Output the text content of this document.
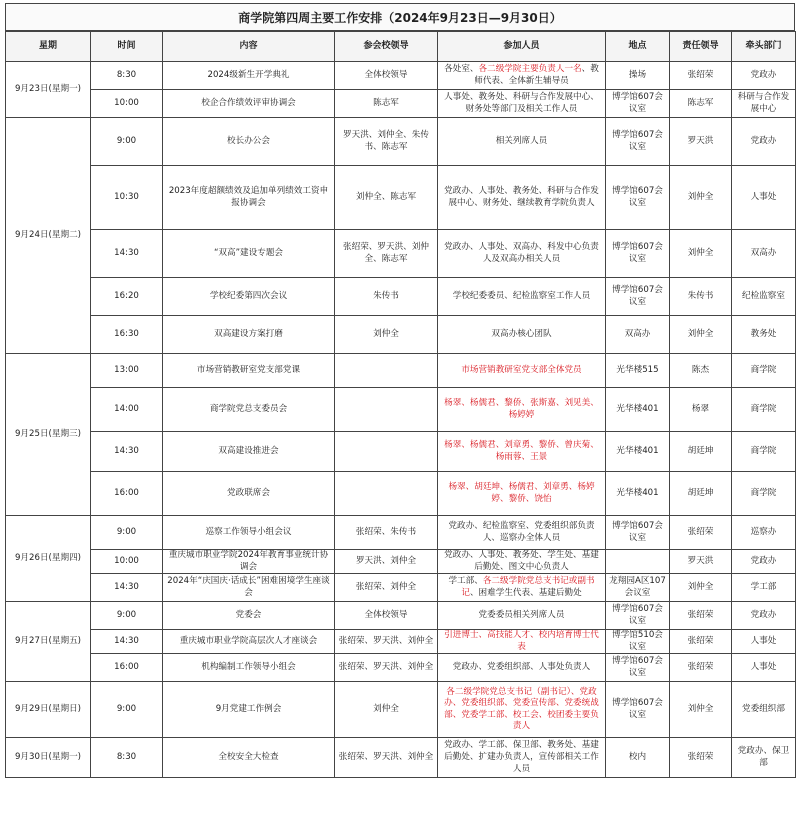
商学院第四周主要工作安排（2024年9月23日—9月30日）
星期	时间	内容	参会校领导	参加人员	地点	责任领导	牵头部门
9月23日(星期一)	8:30	2024级新生开学典礼	全体校领导	各处室、各二级学院主要负责人一名、教师代表、全体新生辅导员	操场	张绍荣	党政办
	10:00	校企合作绩效评审协调会	陈志军	人事处、教务处、科研与合作发展中心、财务处等部门及相关工作人员	博学馆607会议室	陈志军	科研与合作发展中心
9月24日(星期二)	9:00	校长办公会	罗天洪、刘仲全、朱传书、陈志军	相关列席人员	博学馆607会议室	罗天洪	党政办
	10:30	2023年度超额绩效及追加单列绩效工资申报协调会	刘仲全、陈志军	党政办、人事处、教务处、科研与合作发展中心、财务处、继续教育学院负责人	博学馆607会议室	刘仲全	人事处
	14:30	“双高”建设专题会	张绍荣、罗天洪、刘仲全、陈志军	党政办、人事处、双高办、科发中心负责人及双高办相关人员	博学馆607会议室	刘仲全	双高办
	16:20	学校纪委第四次会议	朱传书	学校纪委委员、纪检监察室工作人员	博学馆607会议室	朱传书	纪检监察室
	16:30	双高建设方案打磨	刘仲全	双高办核心团队	双高办	刘仲全	教务处
9月25日(星期三)	13:00	市场营销教研室党支部党课		市场营销教研室党支部全体党员	光华楼515	陈杰	商学院
	14:00	商学院党总支委员会		杨翠、杨儒君、黎侨、张斯嘉、刘见美、杨婷婷	光华楼401	杨翠	商学院
	14:30	双高建设推进会		杨翠、杨儒君、刘章勇、黎侨、曾庆菊、杨雨蓉、王景	光华楼401	胡廷坤	商学院
	16:00	党政联席会		杨翠、胡廷坤、杨儒君、刘章勇、杨婷婷、黎侨、饶怡	光华楼401	胡廷坤	商学院
9月26日(星期四)	9:00	巡察工作领导小组会议	张绍荣、朱传书	党政办、纪检监察室、党委组织部负责人、巡察办全体人员	博学馆607会议室	张绍荣	巡察办
	10:00	重庆城市职业学院2024年教育事业统计协调会	罗天洪、刘仲全	党政办、人事处、教务处、学生处、基建后勤处、图文中心负责人		罗天洪	党政办
	14:30	2024年“庆国庆·话成长”困难困境学生座谈会	张绍荣、刘仲全	学工部、各二级学院党总支书记或副书记、困难学生代表、基建后勤处	龙翔园A区107会议室	刘仲全	学工部
9月27日(星期五)	9:00	党委会	全体校领导	党委委员相关列席人员	博学馆607会议室	张绍荣	党政办
	14:30	重庆城市职业学院高层次人才座谈会	张绍荣、罗天洪、刘仲全	引进博士、高技能人才、校内培育博士代表	博学馆510会议室	张绍荣	人事处
	16:00	机构编制工作领导小组会	张绍荣、罗天洪、刘仲全	党政办、党委组织部、人事处负责人	博学馆607会议室	张绍荣	人事处
9月29日(星期日)	9:00	9月党建工作例会	刘仲全	各二级学院党总支书记（副书记）、党政办、党委组织部、党委宣传部、党委统战部、党委学工部、校工会、校团委主要负责人	博学馆607会议室	刘仲全	党委组织部
9月30日(星期一)	8:30	全校安全大检查	张绍荣、罗天洪、刘仲全	党政办、学工部、保卫部、教务处、基建后勤处、扩建办负责人，宣传部相关工作人员	校内	张绍荣	党政办、保卫部
